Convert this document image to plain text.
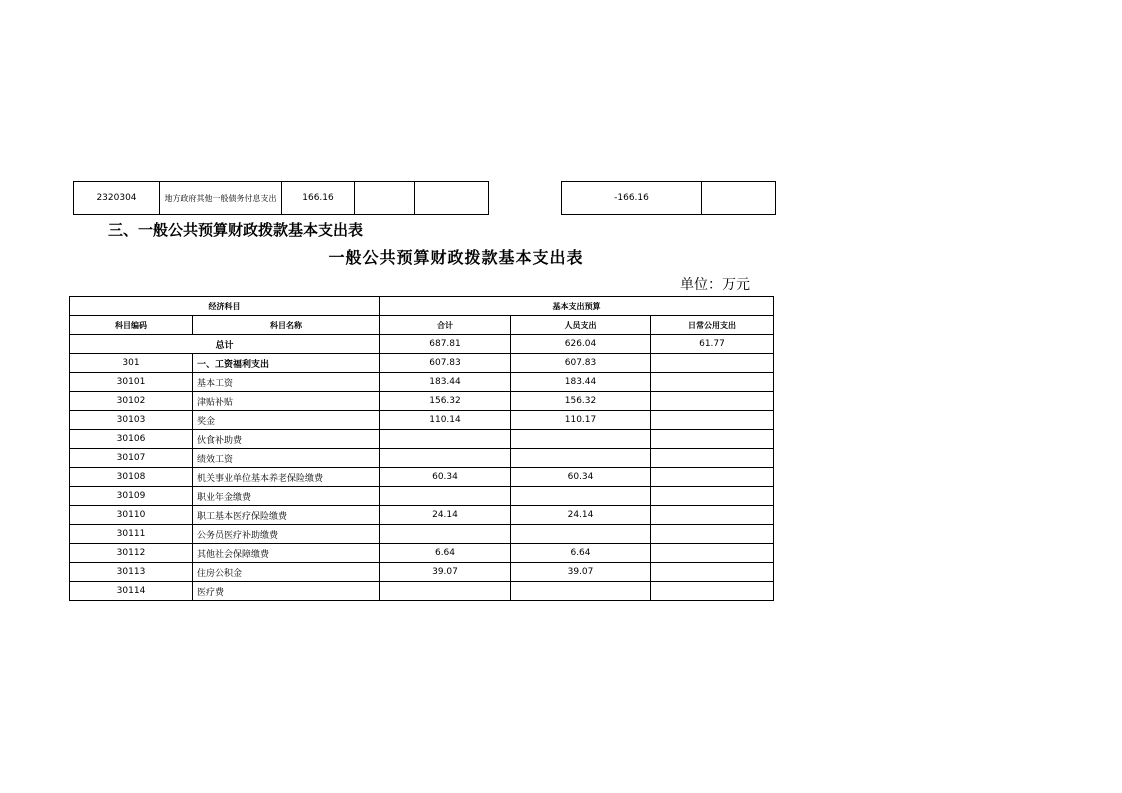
2320304	地方政府其他一般债务付息支出	166.16				-166.16	
三、一般公共预算财政拨款基本支出表
一般公共预算财政拨款基本支出表
单位：万元
经济科目		基本支出预算		
科目编码	科目名称	合计	人员支出	日常公用支出
总计		687.81	626.04	61.77
301	一、工资福利支出	607.83	607.83	
30101	基本工资	183.44	183.44	
30102	津贴补贴	156.32	156.32	
30103	奖金	110.14	110.17	
30106	伙食补助费			
30107	绩效工资			
30108	机关事业单位基本养老保险缴费	60.34	60.34	
30109	职业年金缴费			
30110	职工基本医疗保险缴费	24.14	24.14	
30111	公务员医疗补助缴费			
30112	其他社会保障缴费	6.64	6.64	
30113	住房公积金	39.07	39.07	
30114	医疗费			
